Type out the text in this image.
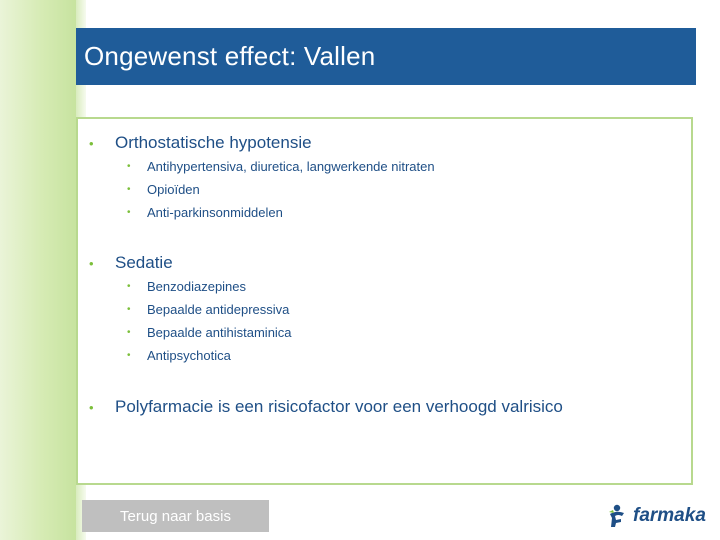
Ongewenst effect: Vallen
•	Orthostatische hypotensie
•	Antihypertensiva, diuretica, langwerkende nitraten
•	Opioïden
•	Anti-parkinsonmiddelen
•	Sedatie
•	Benzodiazepines
•	Bepaalde antidepressiva
•	Bepaalde antihistaminica
•	Antipsychotica
•	Polyfarmacie is een risicofactor voor een verhoogd valrisico
Terug naar basis	farmaka
